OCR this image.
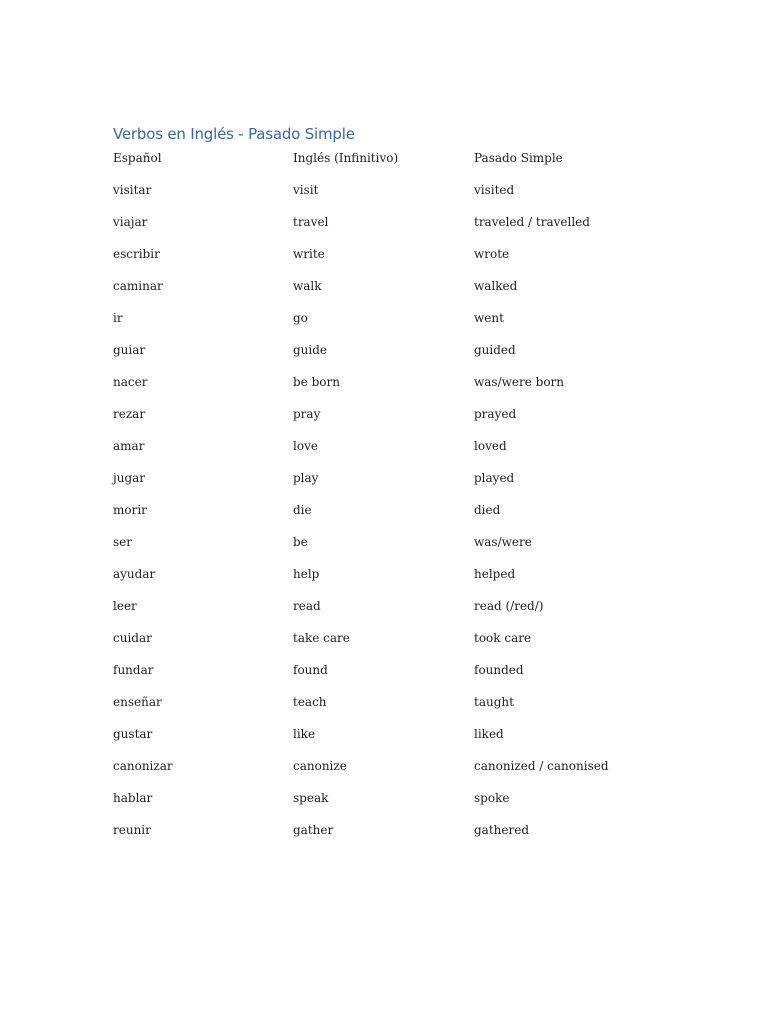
Verbos en Inglés - Pasado Simple
Español	Inglés (Infinitivo)	Pasado Simple
visitar	visit	visited
viajar	travel	traveled / travelled
escribir	write	wrote
caminar	walk	walked
ir	go	went
guiar	guide	guided
nacer	be born	was/were born
rezar	pray	prayed
amar	love	loved
jugar	play	played
morir	die	died
ser	be	was/were
ayudar	help	helped
leer	read	read (/red/)
cuidar	take care	took care
fundar	found	founded
enseñar	teach	taught
gustar	like	liked
canonizar	canonize	canonized / canonised
hablar	speak	spoke
reunir	gather	gathered
